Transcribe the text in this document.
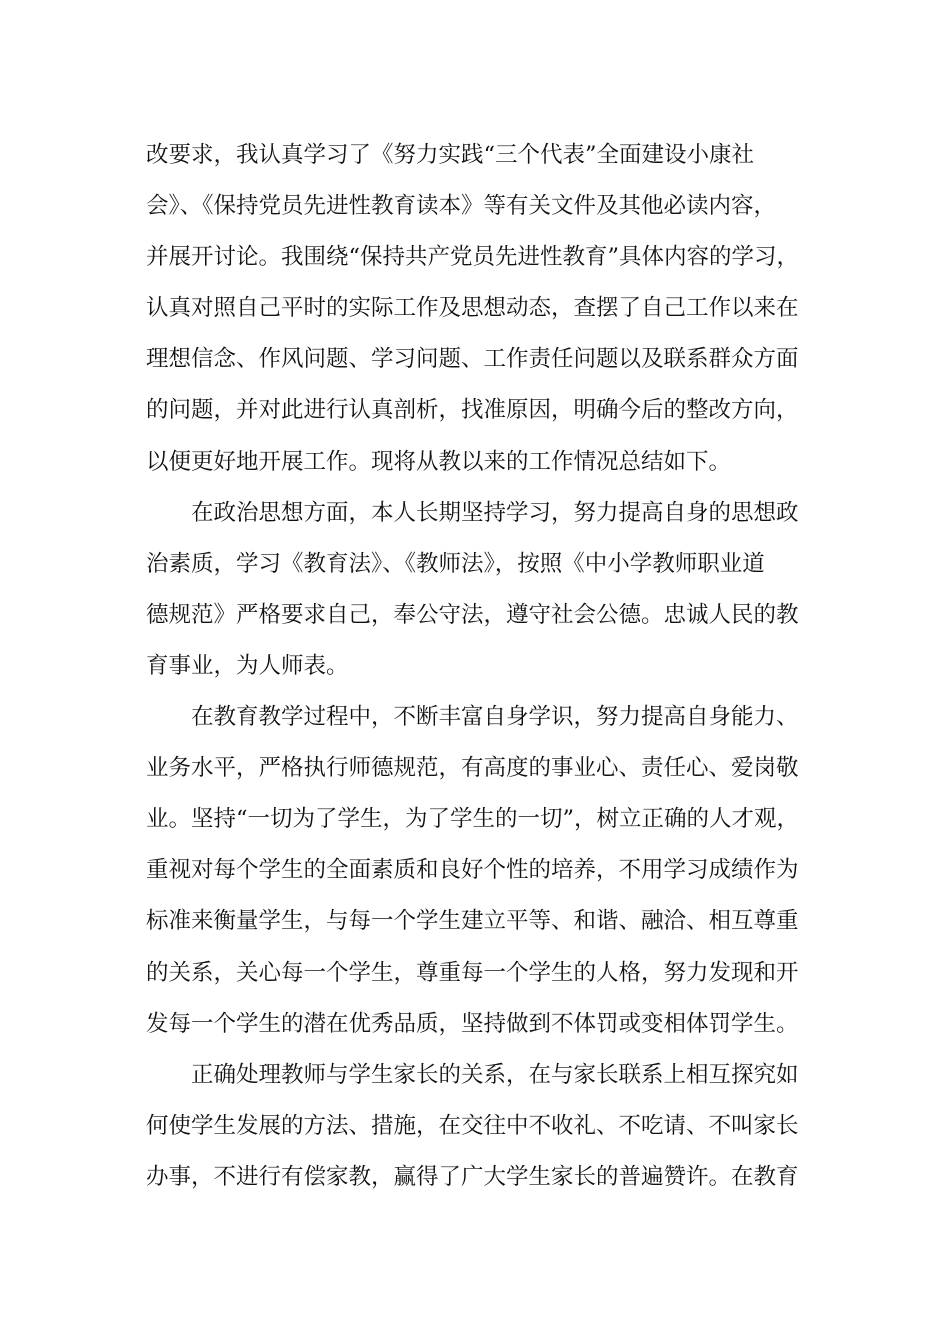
改要求，我认真学习了《努力实践“三个代表”全面建设小康社
会》、《保持党员先进性教育读本》等有关文件及其他必读内容，
并展开讨论。我围绕“保持共产党员先进性教育”具体内容的学习，
认真对照自己平时的实际工作及思想动态，查摆了自己工作以来在
理想信念、作风问题、学习问题、工作责任问题以及联系群众方面
的问题，并对此进行认真剖析，找准原因，明确今后的整改方向，
以便更好地开展工作。现将从教以来的工作情况总结如下。
在政治思想方面，本人长期坚持学习，努力提高自身的思想政
治素质，学习《教育法》、《教师法》，按照《中小学教师职业道
德规范》严格要求自己，奉公守法，遵守社会公德。忠诚人民的教
育事业，为人师表。
在教育教学过程中，不断丰富自身学识，努力提高自身能力、
业务水平，严格执行师德规范，有高度的事业心、责任心、爱岗敬
业。坚持“一切为了学生，为了学生的一切”，树立正确的人才观，
重视对每个学生的全面素质和良好个性的培养，不用学习成绩作为
标准来衡量学生，与每一个学生建立平等、和谐、融洽、相互尊重
的关系，关心每一个学生，尊重每一个学生的人格，努力发现和开
发每一个学生的潜在优秀品质，坚持做到不体罚或变相体罚学生。
正确处理教师与学生家长的关系，在与家长联系上相互探究如
何使学生发展的方法、措施，在交往中不收礼、不吃请、不叫家长
办事，不进行有偿家教，赢得了广大学生家长的普遍赞许。在教育
